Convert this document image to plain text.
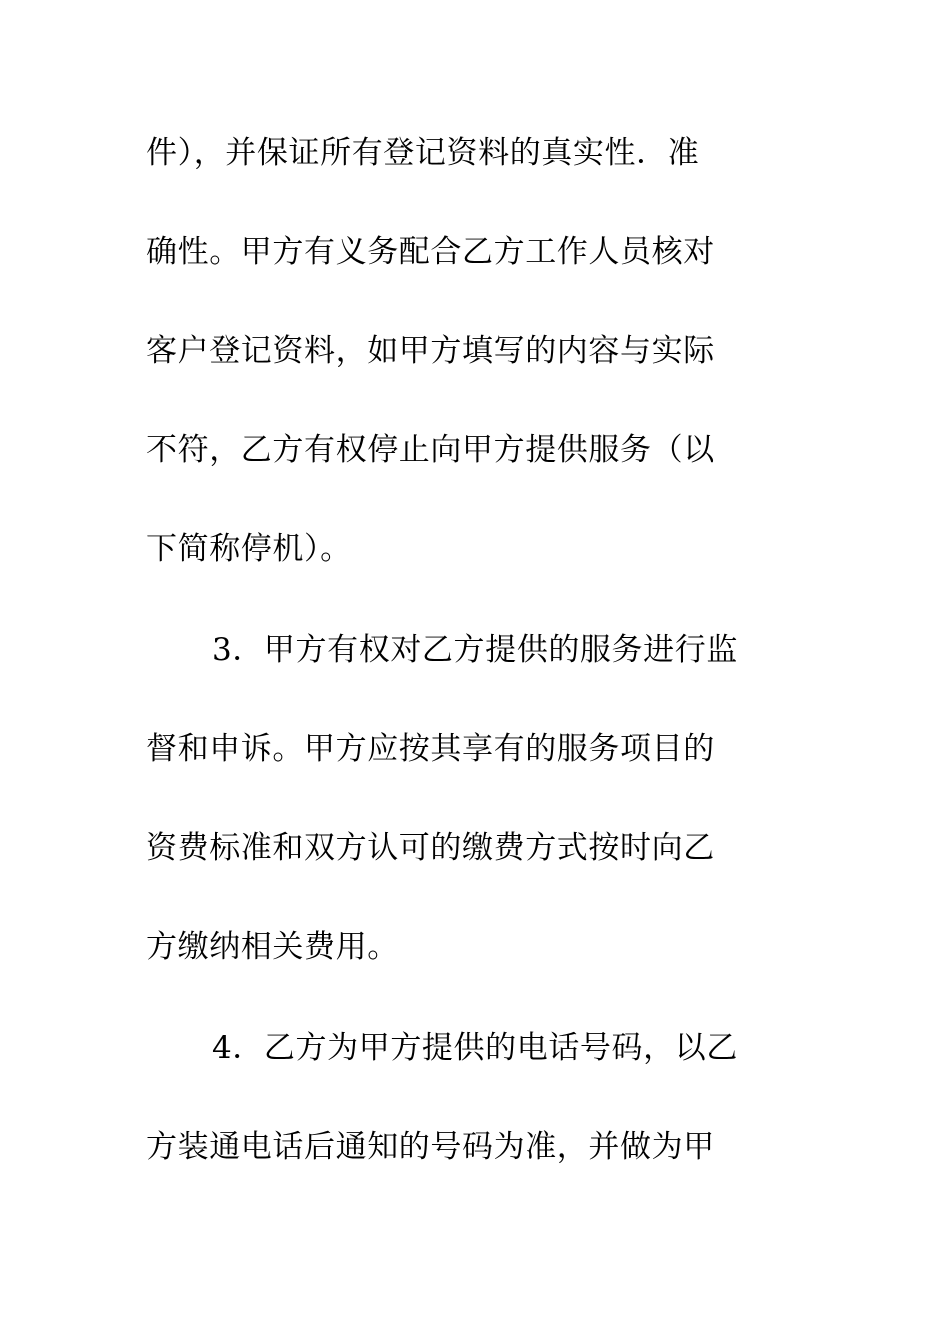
件），并保证所有登记资料的真实性．准
确性。甲方有义务配合乙方工作人员核对
客户登记资料，如甲方填写的内容与实际
不符，乙方有权停止向甲方提供服务（以
下简称停机）。
3．甲方有权对乙方提供的服务进行监
督和申诉。甲方应按其享有的服务项目的
资费标准和双方认可的缴费方式按时向乙
方缴纳相关费用。
4．乙方为甲方提供的电话号码，以乙
方装通电话后通知的号码为准，并做为甲
